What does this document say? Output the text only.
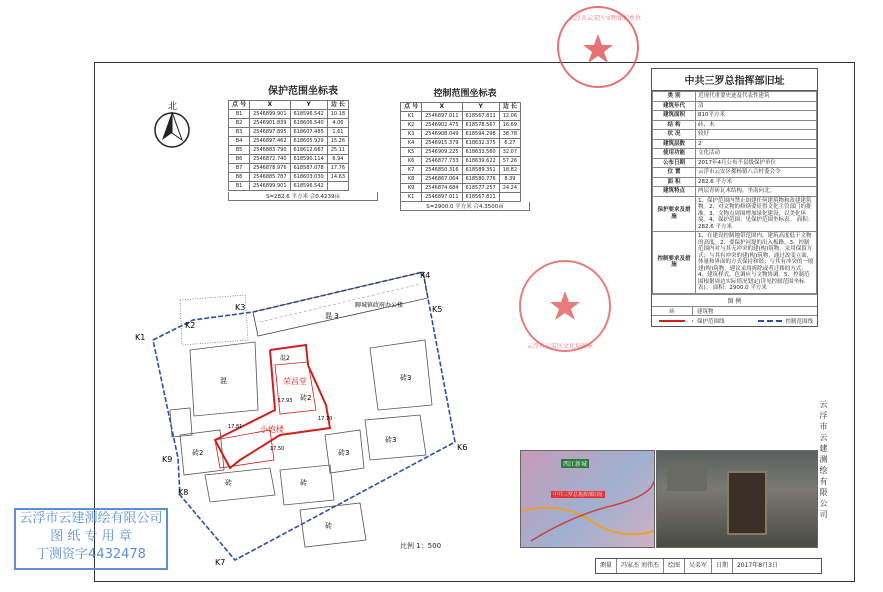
保护范围坐标表
点 号	X	Y	边 长
B1	2546899.901	618596.542	10.18
B2	2546901.839	618606.540	4.06
B3	2546897.895	618607.485	1.61
B4	2546897.462	618605.929	15.26
B5	2546883.790	618612.667	25.11
B6	2546872.740	618590.114	6.94
B7	2546878.976	618587.078	17.76
B8	2546885.787	618603.030	14.63
B1	2546899.901	618596.542	
S=282.6 平方米 合0.4239亩
控制范围坐标表
点 号	X	Y	边 长
K1	2546897.011	618567.811	12.06
K2	2546902.475	618578.567	16.69
K3	2546908.049	618594.298	38.78
K4	2546915.379	618632.375	6.27
K5	2546909.225	618633.560	32.07
K6	2546877.733	618639.622	57.26
K7	2546850.316	618589.351	18.82
K8	2546867.064	618580.776	8.39
K9	2546874.684	618577.257	24.24
K1	2546897.011	618567.811	
S=2900.0 平方米 合4.3500亩
北
聊城镇政府办公楼
混 3
混
混2
荣昌堂
小炮楼
砖2
砖3
砖3
砖3
砖2
砖	砖
砖
17.93
17.81
17.50
17.70
K1
K2
K3
K4
K5
K6
K7
K8
K9
比例 1：500
云浮市云安区文物保护单位
云浮市云安区文化局图章
中共三罗总指挥部旧址
类 别	近现代重要史迹及代表性建筑
建筑年代	清
建筑面积	810平方米
结 构	砖、木
状 况	较好
建筑层数	2
使用功能	文化活动
公布日期	2017年4月公布不县级保护单位
位 置	云浮市云安区都杨镇八合村委会令
面 积	282.6 平方米
建筑特点	两层青砖瓦木结构，坐南向北。
保护要求及措施	1、保护范围内禁止加建任何建筑物和改建建筑物。2、对文物的修缮要征得文化主管部门的批准。3、文物点周围增加绿化建设，以美化环境。4、保护范围：见保护范围坐标表。 面积：282.6 平方米
控制要求及措施	1、在建设控制地带范围内，建筑高度低于文物的高度。2、要保护河堤的出入板路。3、控制范围内对与其无冲突的建(构)筑物，采用保留方式；与其有冲突的建(构)筑物，通过改变立面，体量和界面的方式保持和谐；与其有冲突的一般建(构)筑物，建议采用拆除或者迁移的方式。4、建筑样式，色调应与文物协调。5、控制范围根据周边实际情况划定(详见控制范围坐标表)。 面积：2900.0 平方米
图 例
砖	建筑物
保护范围线	控制范围线
西江新城
中共三罗总指挥部旧址	云浮市云建测绘有限公司
测量	冯家杰 刘伟杰	绘图	吴弟军	日期	2017年8月3日
云浮市云建测绘有限公司
图 纸 专 用 章
丁测资字4432478
